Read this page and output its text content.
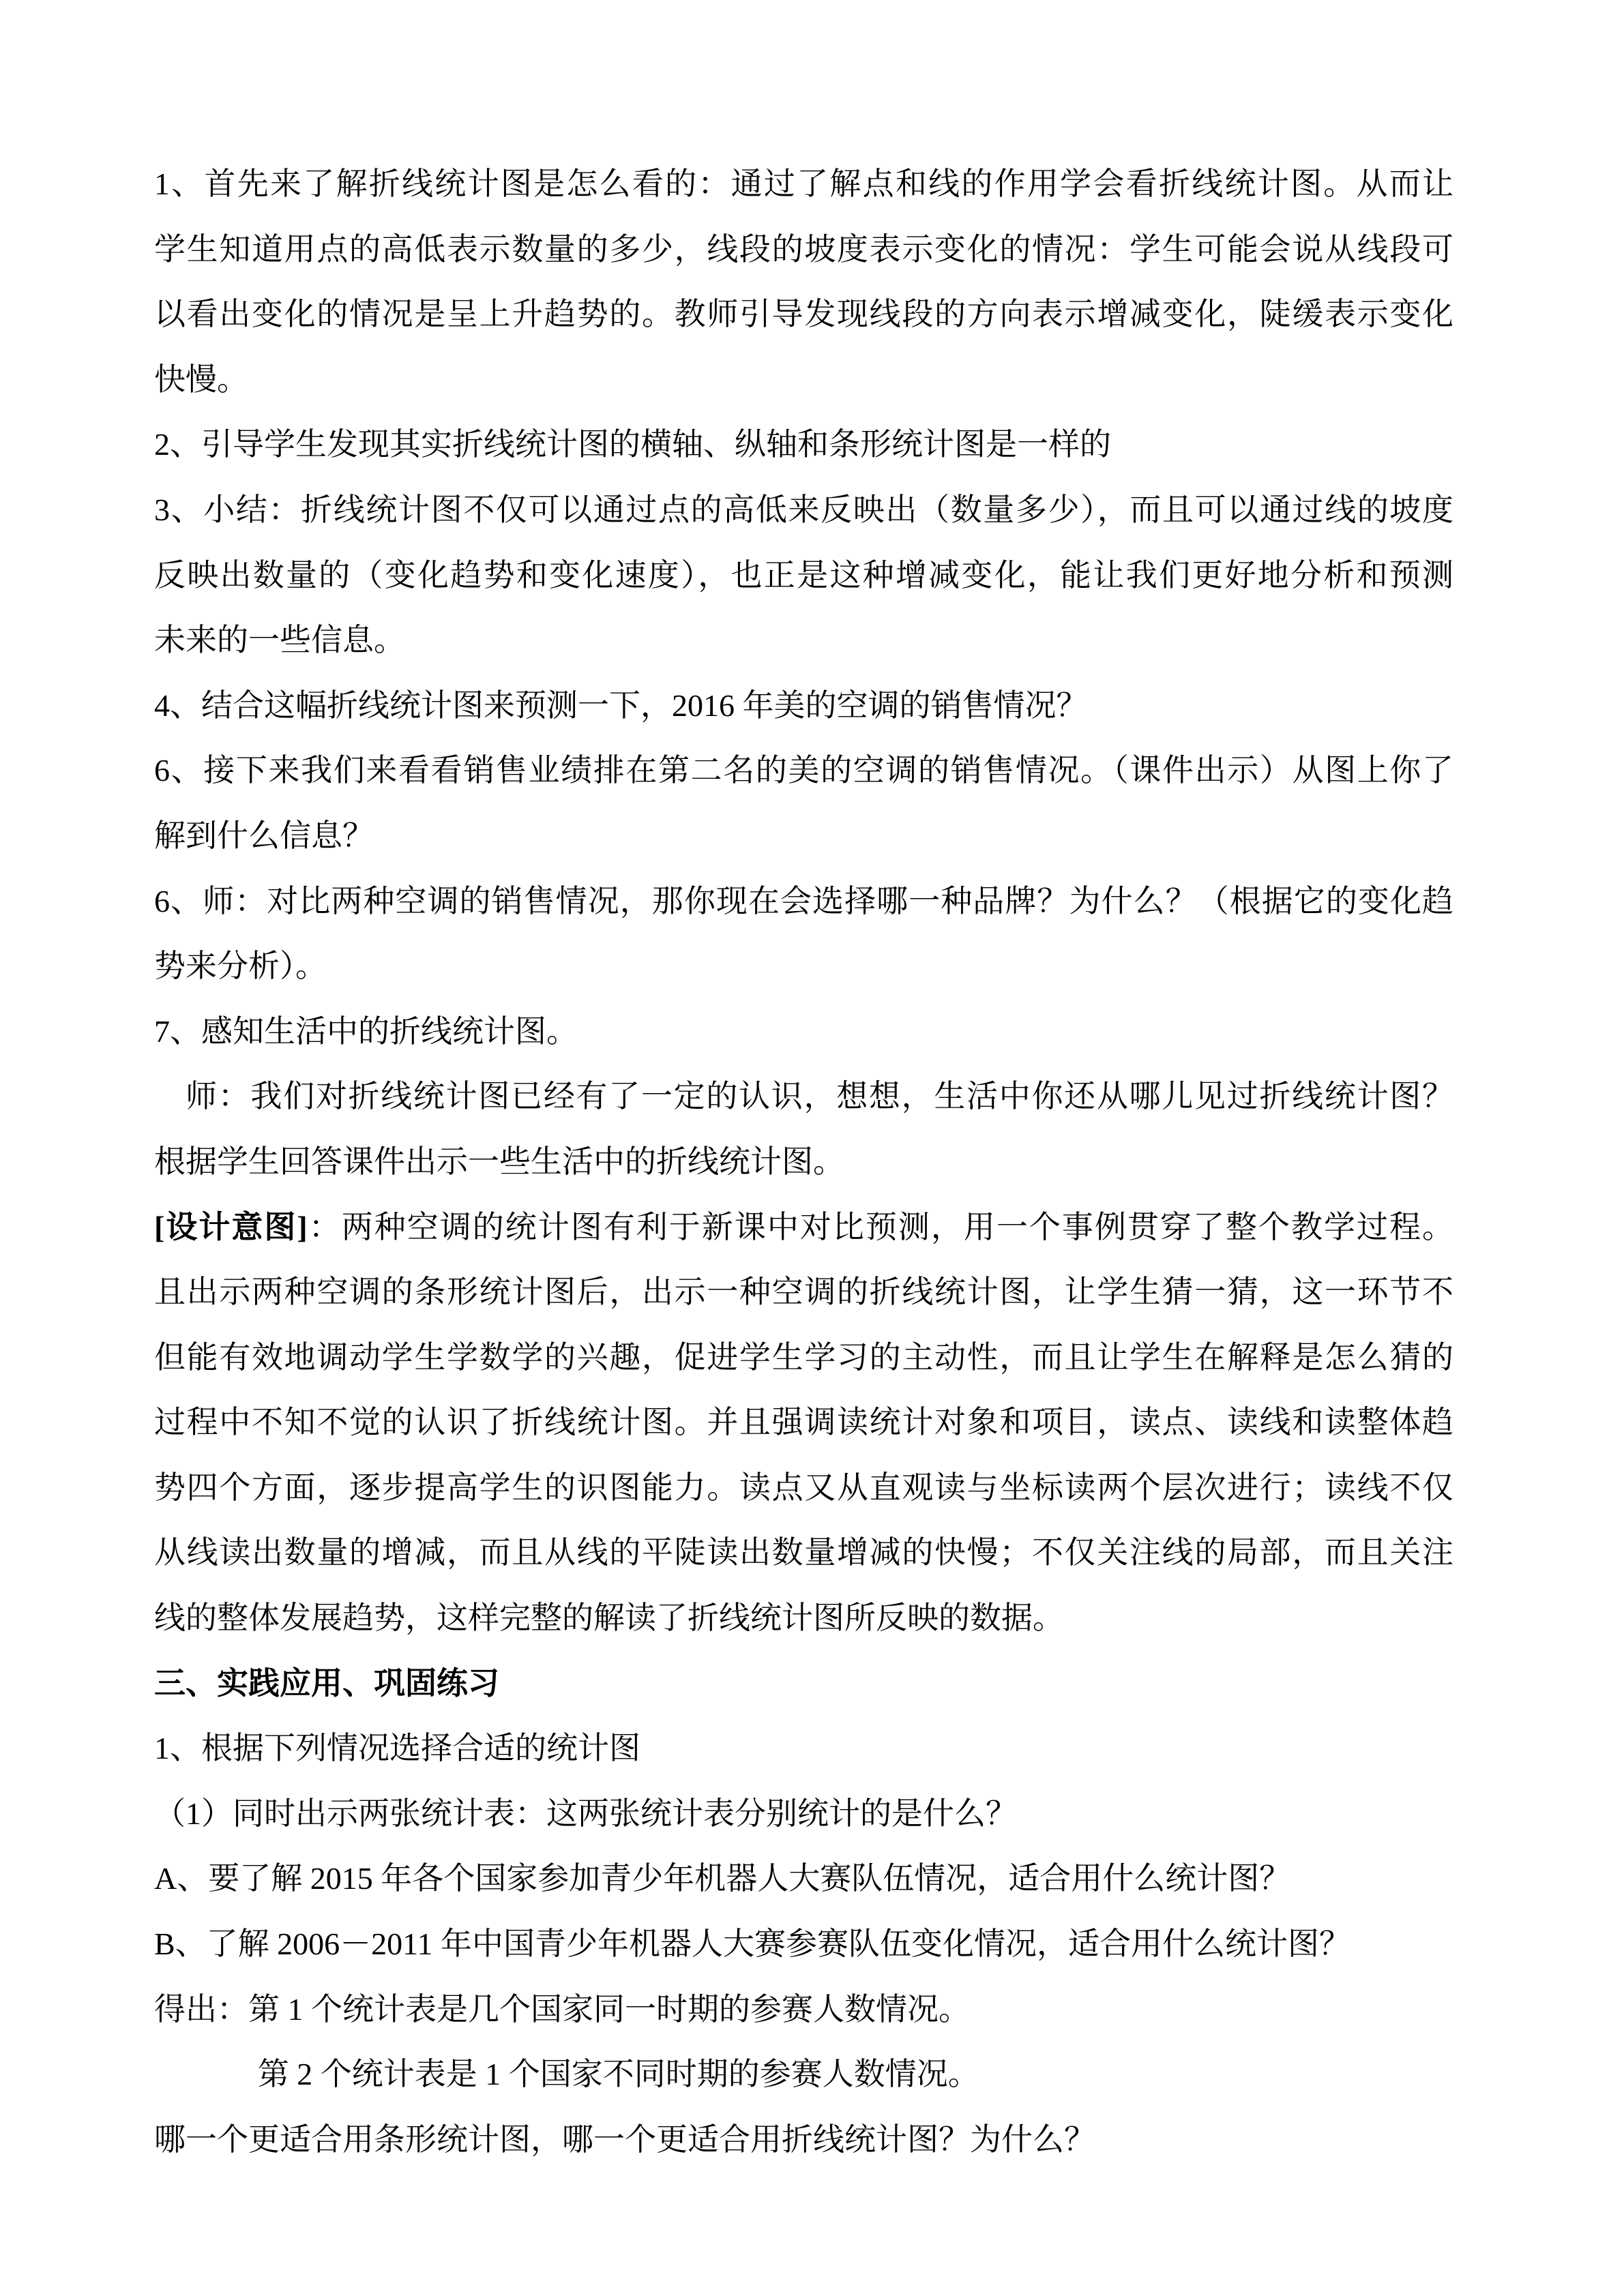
1、首先来了解折线统计图是怎么看的：通过了解点和线的作用学会看折线统计图。从而让
学生知道用点的高低表示数量的多少，线段的坡度表示变化的情况：学生可能会说从线段可
以看出变化的情况是呈上升趋势的。教师引导发现线段的方向表示增减变化，陡缓表示变化
快慢。
2、引导学生发现其实折线统计图的横轴、纵轴和条形统计图是一样的
3、小结：折线统计图不仅可以通过点的高低来反映出（数量多少），而且可以通过线的坡度
反映出数量的（变化趋势和变化速度），也正是这种增减变化，能让我们更好地分析和预测
未来的一些信息。
4、结合这幅折线统计图来预测一下，2016 年美的空调的销售情况？
6、接下来我们来看看销售业绩排在第二名的美的空调的销售情况。（课件出示）从图上你了
解到什么信息？
6、师：对比两种空调的销售情况，那你现在会选择哪一种品牌？为什么？（根据它的变化趋
势来分析）。
7、感知生活中的折线统计图。
师：我们对折线统计图已经有了一定的认识，想想，生活中你还从哪儿见过折线统计图？
根据学生回答课件出示一些生活中的折线统计图。
[设计意图]：两种空调的统计图有利于新课中对比预测，用一个事例贯穿了整个教学过程。
且出示两种空调的条形统计图后，出示一种空调的折线统计图，让学生猜一猜，这一环节不
但能有效地调动学生学数学的兴趣，促进学生学习的主动性，而且让学生在解释是怎么猜的
过程中不知不觉的认识了折线统计图。并且强调读统计对象和项目，读点、读线和读整体趋
势四个方面，逐步提高学生的识图能力。读点又从直观读与坐标读两个层次进行；读线不仅
从线读出数量的增减，而且从线的平陡读出数量增减的快慢；不仅关注线的局部，而且关注
线的整体发展趋势，这样完整的解读了折线统计图所反映的数据。
三、实践应用、巩固练习
1、根据下列情况选择合适的统计图
（1）同时出示两张统计表：这两张统计表分别统计的是什么？
A、要了解 2015 年各个国家参加青少年机器人大赛队伍情况，适合用什么统计图？
B、了解 2006－2011 年中国青少年机器人大赛参赛队伍变化情况，适合用什么统计图？
得出：第 1 个统计表是几个国家同一时期的参赛人数情况。
第 2 个统计表是 1 个国家不同时期的参赛人数情况。
哪一个更适合用条形统计图，哪一个更适合用折线统计图？为什么？
